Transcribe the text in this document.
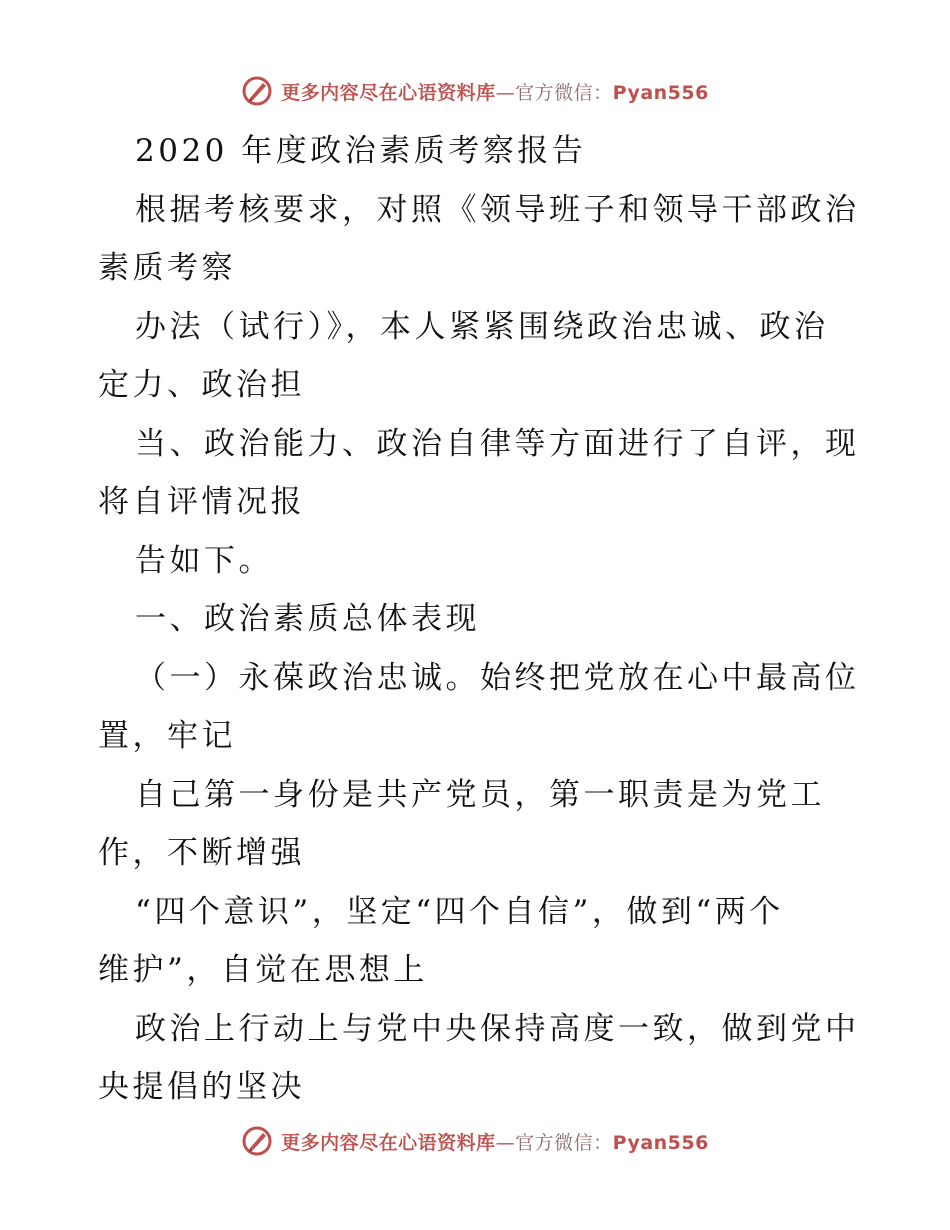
更多内容尽在心语资料库—官方微信：Pyan556
2020 年度政治素质考察报告
根据考核要求，对照《领导班子和领导干部政治
素质考察
办法（试行）》，本人紧紧围绕政治忠诚、政治
定力、政治担
当、政治能力、政治自律等方面进行了自评，现
将自评情况报
告如下。
一、政治素质总体表现
（一）永葆政治忠诚。始终把党放在心中最高位
置，牢记
自己第一身份是共产党员，第一职责是为党工
作，不断增强
“四个意识”，坚定“四个自信”，做到“两个
维护”，自觉在思想上
政治上行动上与党中央保持高度一致，做到党中
央提倡的坚决
更多内容尽在心语资料库—官方微信：Pyan556
